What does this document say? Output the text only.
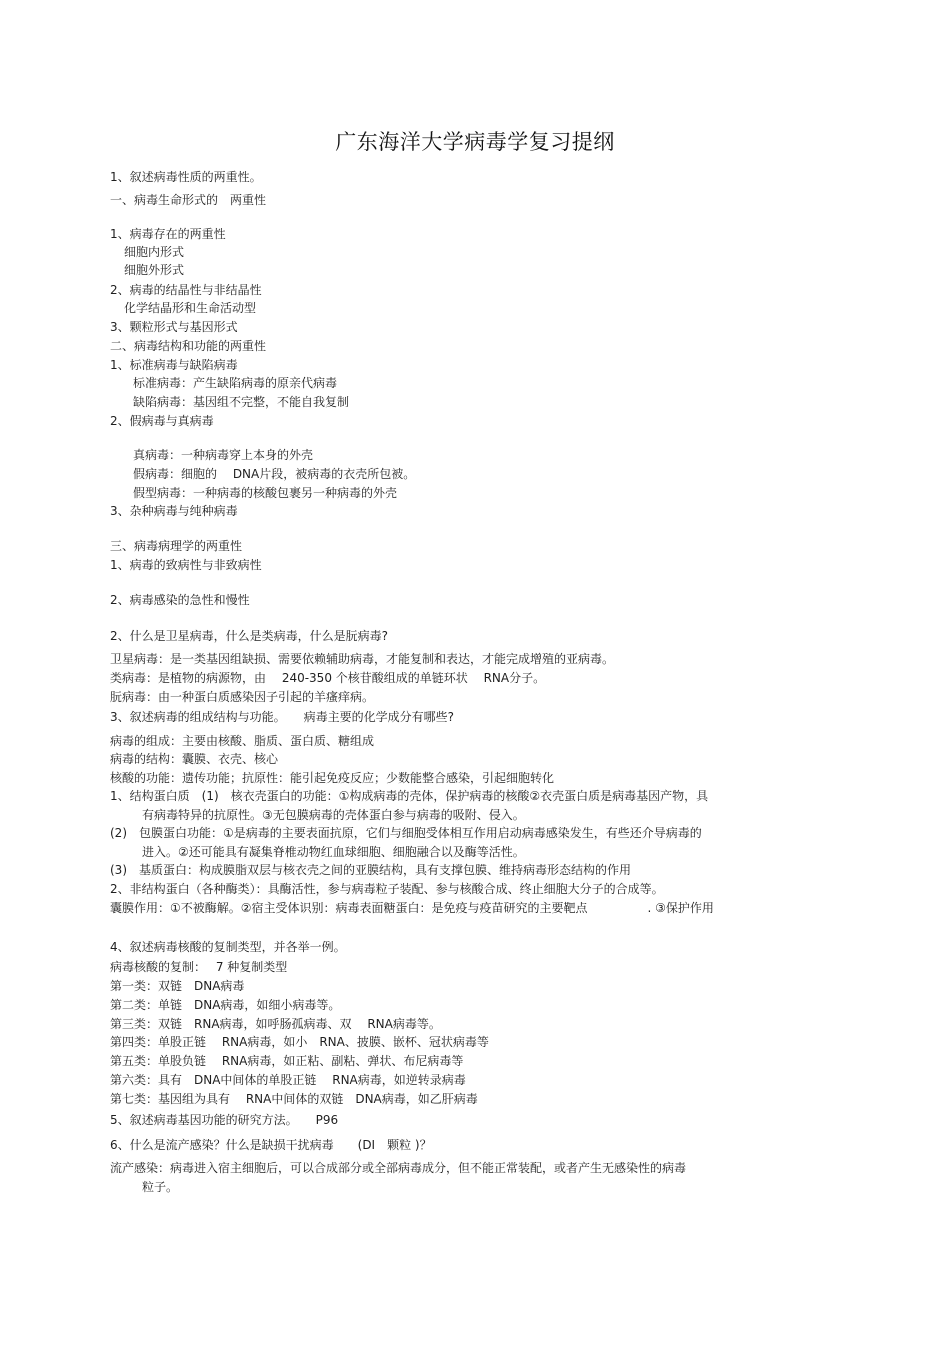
广东海洋大学病毒学复习提纲
1、叙述病毒性质的两重性。
一、病毒生命形式的　两重性
1、病毒存在的两重性
细胞内形式
细胞外形式
2、病毒的结晶性与非结晶性
化学结晶形和生命活动型
3、颗粒形式与基因形式
二、病毒结构和功能的两重性
1、标准病毒与缺陷病毒
标准病毒：产生缺陷病毒的原亲代病毒
缺陷病毒：基因组不完整，不能自我复制
2、假病毒与真病毒
真病毒：一种病毒穿上本身的外壳
假病毒：细胞的　 DNA片段，被病毒的衣壳所包被。
假型病毒：一种病毒的核酸包裹另一种病毒的外壳
3、杂种病毒与纯种病毒
三、病毒病理学的两重性
1、病毒的致病性与非致病性
2、病毒感染的急性和慢性
2、什么是卫星病毒，什么是类病毒，什么是朊病毒?
卫星病毒：是一类基因组缺损、需要依赖辅助病毒，才能复制和表达，才能完成增殖的亚病毒。
类病毒：是植物的病源物，由　 240-350 个核苷酸组成的单链环状　 RNA分子。
朊病毒：由一种蛋白质感染因子引起的羊瘙痒病。
3、叙述病毒的组成结构与功能。　　病毒主要的化学成分有哪些?
病毒的组成：主要由核酸、脂质、蛋白质、糖组成
病毒的结构：囊膜、衣壳、核心
核酸的功能：遗传功能；抗原性：能引起免疫反应；少数能整合感染，引起细胞转化
1、结构蛋白质　(1)　核衣壳蛋白的功能：①构成病毒的壳体，保护病毒的核酸②衣壳蛋白质是病毒基因产物，具
有病毒特异的抗原性。③无包膜病毒的壳体蛋白参与病毒的吸附、侵入。
(2)　包膜蛋白功能：①是病毒的主要表面抗原，它们与细胞受体相互作用启动病毒感染发生，有些还介导病毒的
进入。②还可能具有凝集脊椎动物红血球细胞、细胞融合以及酶等活性。
(3)　基质蛋白：构成膜脂双层与核衣壳之间的亚膜结构，具有支撑包膜、维持病毒形态结构的作用
2、非结构蛋白（各种酶类）：具酶活性，参与病毒粒子装配、参与核酸合成、终止细胞大分子的合成等。
囊膜作用：①不被酶解。②宿主受体识别：病毒表面糖蛋白：是免疫与疫苗研究的主要靶点　　　　　. ③保护作用
4、叙述病毒核酸的复制类型，并各举一例。
病毒核酸的复制：　 7 种复制类型
第一类：双链　DNA病毒
第二类：单链　DNA病毒，如细小病毒等。
第三类：双链　RNA病毒，如呼肠孤病毒、双　 RNA病毒等。
第四类：单股正链　 RNA病毒，如小　RNA、披膜、嵌杯、冠状病毒等
第五类：单股负链　 RNA病毒，如正粘、副粘、弹状、布尼病毒等
第六类：具有　DNA中间体的单股正链　 RNA病毒，如逆转录病毒
第七类：基因组为具有　 RNA中间体的双链　DNA病毒，如乙肝病毒
5、叙述病毒基因功能的研究方法。　　P96
6、什么是流产感染？什么是缺损干扰病毒　　(DI　颗粒 )？
流产感染：病毒进入宿主细胞后，可以合成部分或全部病毒成分，但不能正常装配，或者产生无感染性的病毒
粒子。
